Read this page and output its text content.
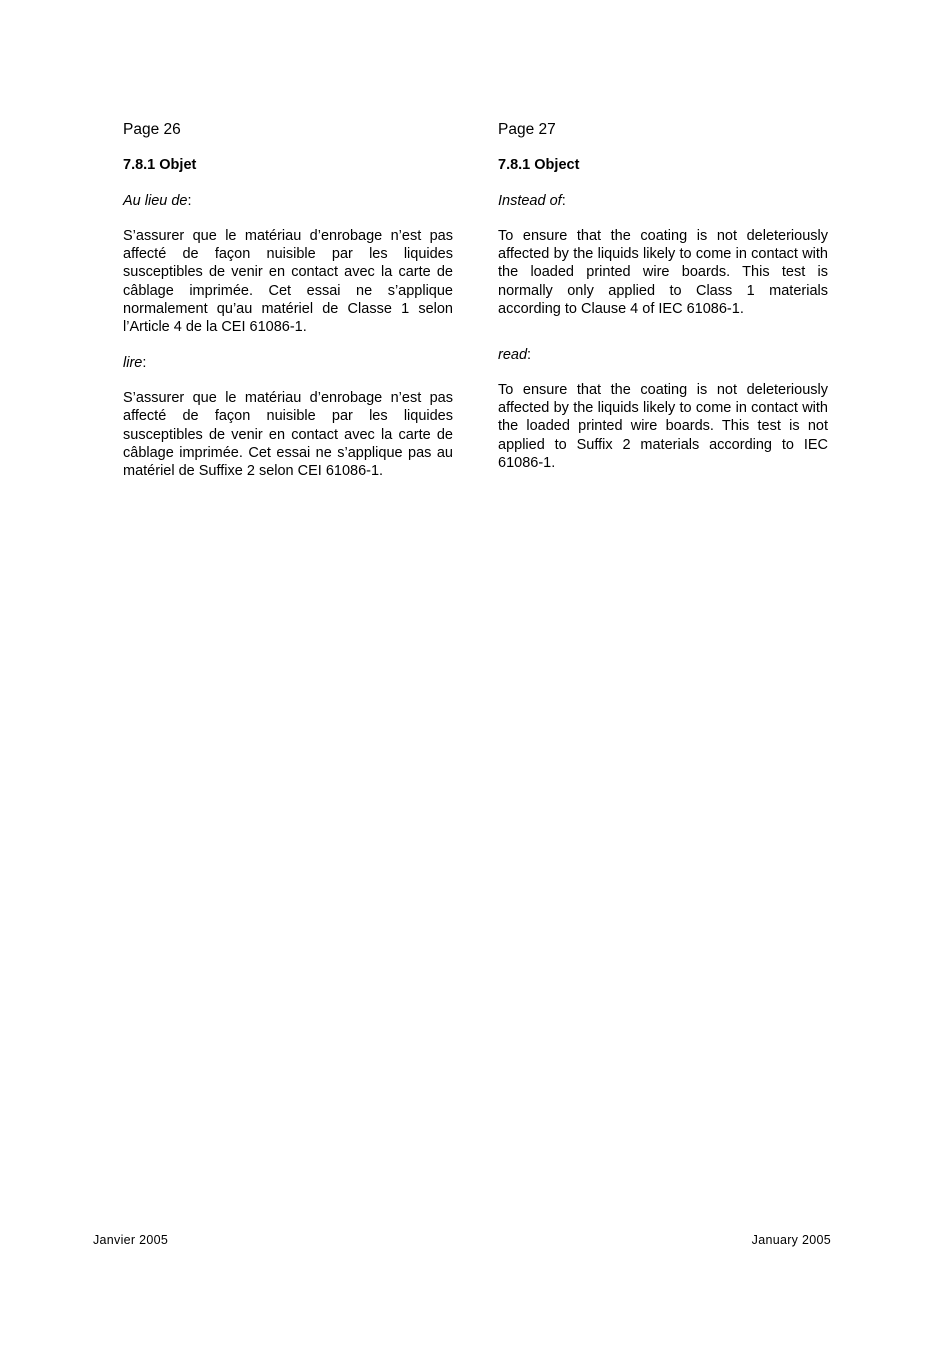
Page 26

7.8.1 Objet

Au lieu de:

S’assurer que le matériau d’enrobage n’est pas affecté de façon nuisible par les liquides susceptibles de venir en contact avec la carte de câblage imprimée. Cet essai ne s’applique normalement qu’au matériel de Classe 1 selon l’Article 4 de la CEI 61086-1.

lire:

S’assurer que le matériau d’enrobage n’est pas affecté de façon nuisible par les liquides susceptibles de venir en contact avec la carte de câblage imprimée. Cet essai ne s’applique pas au matériel de Suffixe 2 selon CEI 61086-1.

Page 27

7.8.1 Object

Instead of:

To ensure that the coating is not deleteriously affected by the liquids likely to come in contact with the loaded printed wire boards. This test is normally only applied to Class 1 materials according to Clause 4 of IEC 61086-1.

read:

To ensure that the coating is not deleteriously affected by the liquids likely to come in contact with the loaded printed wire boards. This test is not applied to Suffix 2 materials according to IEC 61086-1.

Janvier 2005	January 2005
